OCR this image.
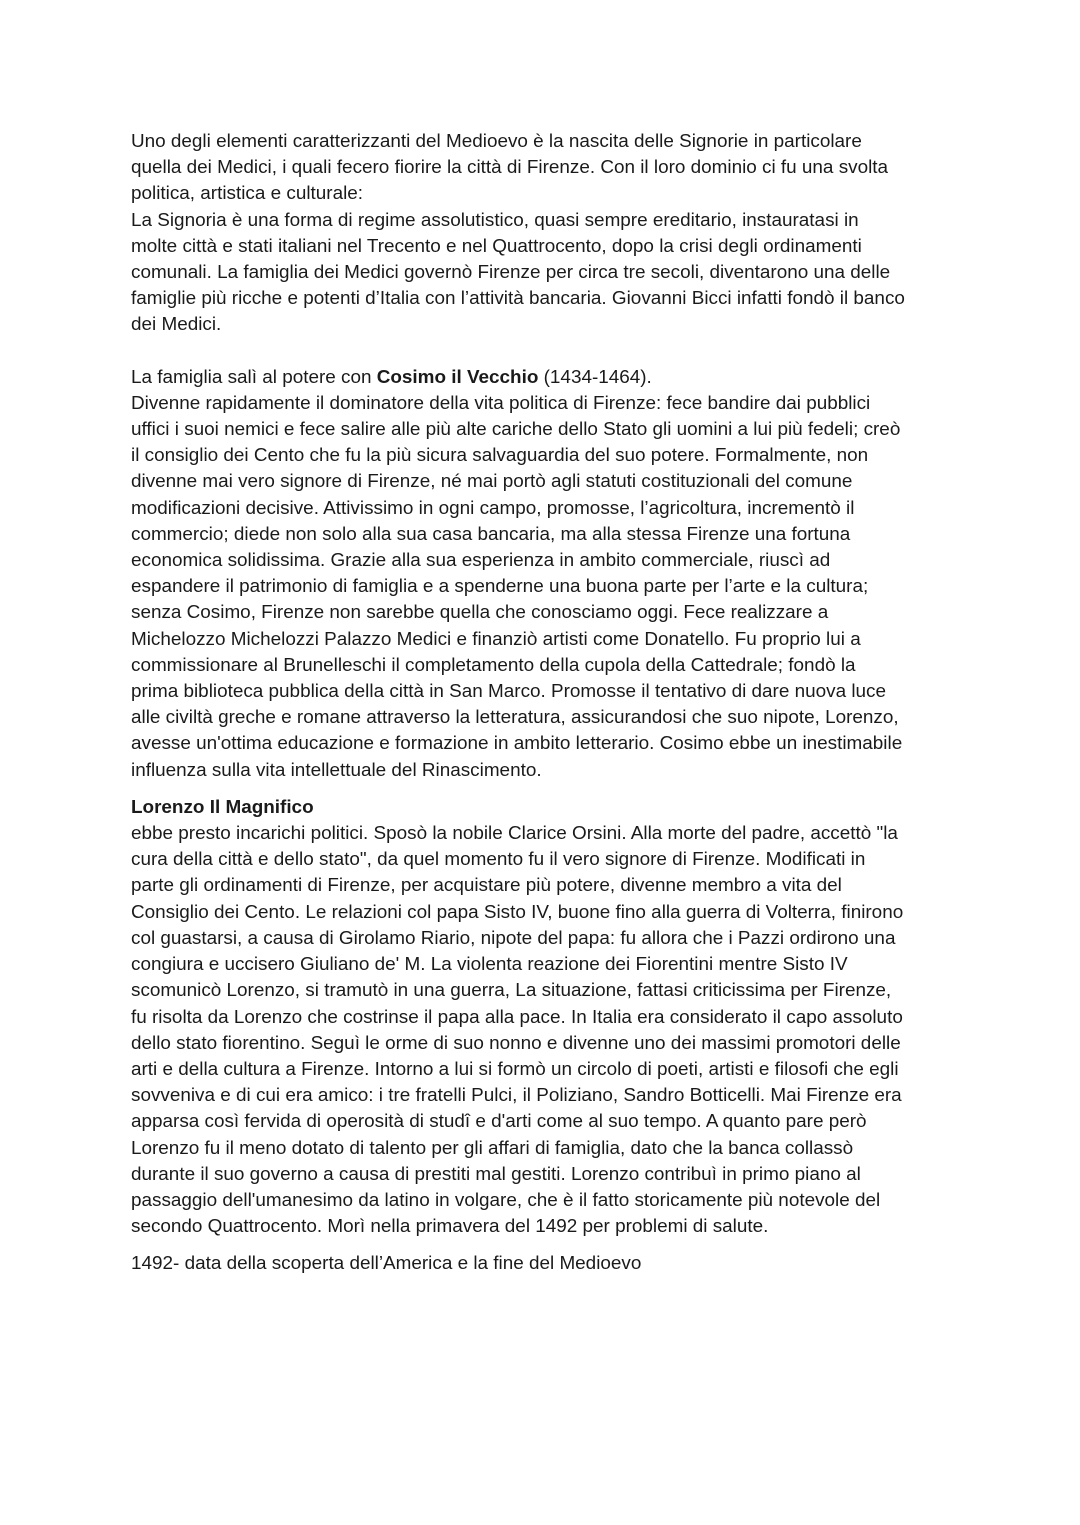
Uno degli elementi caratterizzanti del Medioevo è la nascita delle Signorie in particolare
quella dei Medici, i quali fecero fiorire la città di Firenze. Con il loro dominio ci fu una svolta
politica, artistica e culturale:
La Signoria è una forma di regime assolutistico, quasi sempre ereditario, instauratasi in
molte città e stati italiani nel Trecento e nel Quattrocento, dopo la crisi degli ordinamenti
comunali. La famiglia dei Medici governò Firenze per circa tre secoli, diventarono una delle
famiglie più ricche e potenti d’Italia con l’attività bancaria. Giovanni Bicci infatti fondò il banco
dei Medici.

La famiglia salì al potere con Cosimo il Vecchio (1434-1464).

Divenne rapidamente il dominatore della vita politica di Firenze: fece bandire dai pubblici
uffici i suoi nemici e fece salire alle più alte cariche dello Stato gli uomini a lui più fedeli; creò
il consiglio dei Cento che fu la più sicura salvaguardia del suo potere. Formalmente, non
divenne mai vero signore di Firenze, né mai portò agli statuti costituzionali del comune
modificazioni decisive. Attivissimo in ogni campo, promosse, l’agricoltura, incrementò il
commercio; diede non solo alla sua casa bancaria, ma alla stessa Firenze una fortuna
economica solidissima. Grazie alla sua esperienza in ambito commerciale, riuscì ad
espandere il patrimonio di famiglia e a spenderne una buona parte per l’arte e la cultura;
senza Cosimo, Firenze non sarebbe quella che conosciamo oggi. Fece realizzare a
Michelozzo Michelozzi Palazzo Medici e finanziò artisti come Donatello. Fu proprio lui a
commissionare al Brunelleschi il completamento della cupola della Cattedrale; fondò la
prima biblioteca pubblica della città in San Marco. Promosse il tentativo di dare nuova luce
alle civiltà greche e romane attraverso la letteratura, assicurandosi che suo nipote, Lorenzo,
avesse un'ottima educazione e formazione in ambito letterario. Cosimo ebbe un inestimabile
influenza sulla vita intellettuale del Rinascimento.

Lorenzo Il Magnifico

ebbe presto incarichi politici. Sposò la nobile Clarice Orsini. Alla morte del padre, accettò "la
cura della città e dello stato", da quel momento fu il vero signore di Firenze. Modificati in
parte gli ordinamenti di Firenze, per acquistare più potere, divenne membro a vita del
Consiglio dei Cento. Le relazioni col papa Sisto IV, buone fino alla guerra di Volterra, finirono
col guastarsi, a causa di Girolamo Riario, nipote del papa: fu allora che i Pazzi ordirono una
congiura e uccisero Giuliano de' M. La violenta reazione dei Fiorentini mentre Sisto IV
scomunicò Lorenzo, si tramutò in una guerra, La situazione, fattasi criticissima per Firenze,
fu risolta da Lorenzo che costrinse il papa alla pace. In Italia era considerato il capo assoluto
dello stato fiorentino. Seguì le orme di suo nonno e divenne uno dei massimi promotori delle
arti e della cultura a Firenze. Intorno a lui si formò un circolo di poeti, artisti e filosofi che egli
sovveniva e di cui era amico: i tre fratelli Pulci, il Poliziano, Sandro Botticelli. Mai Firenze era
apparsa così fervida di operosità di studî e d'arti come al suo tempo. A quanto pare però
Lorenzo fu il meno dotato di talento per gli affari di famiglia, dato che la banca collassò
durante il suo governo a causa di prestiti mal gestiti. Lorenzo contribuì in primo piano al
passaggio dell'umanesimo da latino in volgare, che è il fatto storicamente più notevole del
secondo Quattrocento. Morì nella primavera del 1492 per problemi di salute.

1492- data della scoperta dell’America e la fine del Medioevo
